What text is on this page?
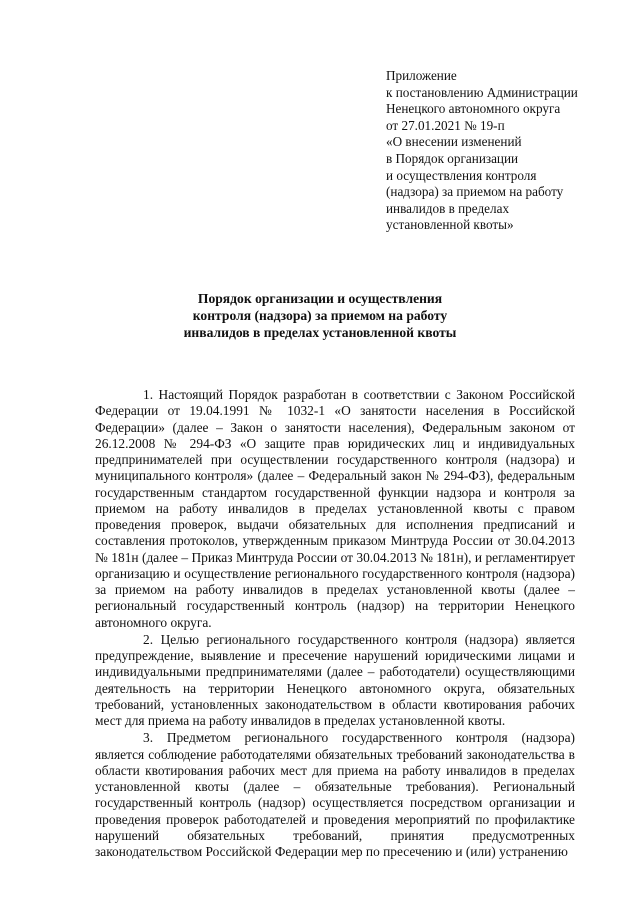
Приложение
к постановлению Администрации
Ненецкого автономного округа
от 27.01.2021 № 19-п
«О внесении изменений
в Порядок организации
и осуществления контроля
(надзора) за приемом на работу
инвалидов в пределах
установленной квоты»
Порядок организации и осуществления
контроля (надзора) за приемом на работу
инвалидов в пределах установленной квоты

1. Настоящий Порядок разработан в соответствии с Законом Российской Федерации от 19.04.1991 № 1032-1 «О занятости населения в Российской Федерации» (далее – Закон о занятости населения), Федеральным законом от 26.12.2008 № 294-ФЗ «О защите прав юридических лиц и индивидуальных предпринимателей при осуществлении государственного контроля (надзора) и муниципального контроля» (далее – Федеральный закон № 294-ФЗ), федеральным государственным стандартом государственной функции надзора и контроля за приемом на работу инвалидов в пределах установленной квоты с правом проведения проверок, выдачи обязательных для исполнения предписаний и составления протоколов, утвержденным приказом Минтруда России от 30.04.2013 № 181н (далее – Приказ Минтруда России от 30.04.2013 № 181н), и регламентирует организацию и осуществление регионального государственного контроля (надзора) за приемом на работу инвалидов в пределах установленной квоты (далее – региональный государственный контроль (надзор) на территории Ненецкого автономного округа.

2. Целью регионального государственного контроля (надзора) является предупреждение, выявление и пресечение нарушений юридическими лицами и индивидуальными предпринимателями (далее – работодатели) осуществляющими деятельность на территории Ненецкого автономного округа, обязательных требований, установленных законодательством в области квотирования рабочих мест для приема на работу инвалидов в пределах установленной квоты.

3. Предметом регионального государственного контроля (надзора) является соблюдение работодателями обязательных требований законодательства в области квотирования рабочих мест для приема на работу инвалидов в пределах установленной квоты (далее – обязательные требования). Региональный государственный контроль (надзор) осуществляется посредством организации и проведения проверок работодателей и проведения мероприятий по профилактике нарушений обязательных требований, принятия предусмотренных законодательством Российской Федерации мер по пресечению и (или) устранению
